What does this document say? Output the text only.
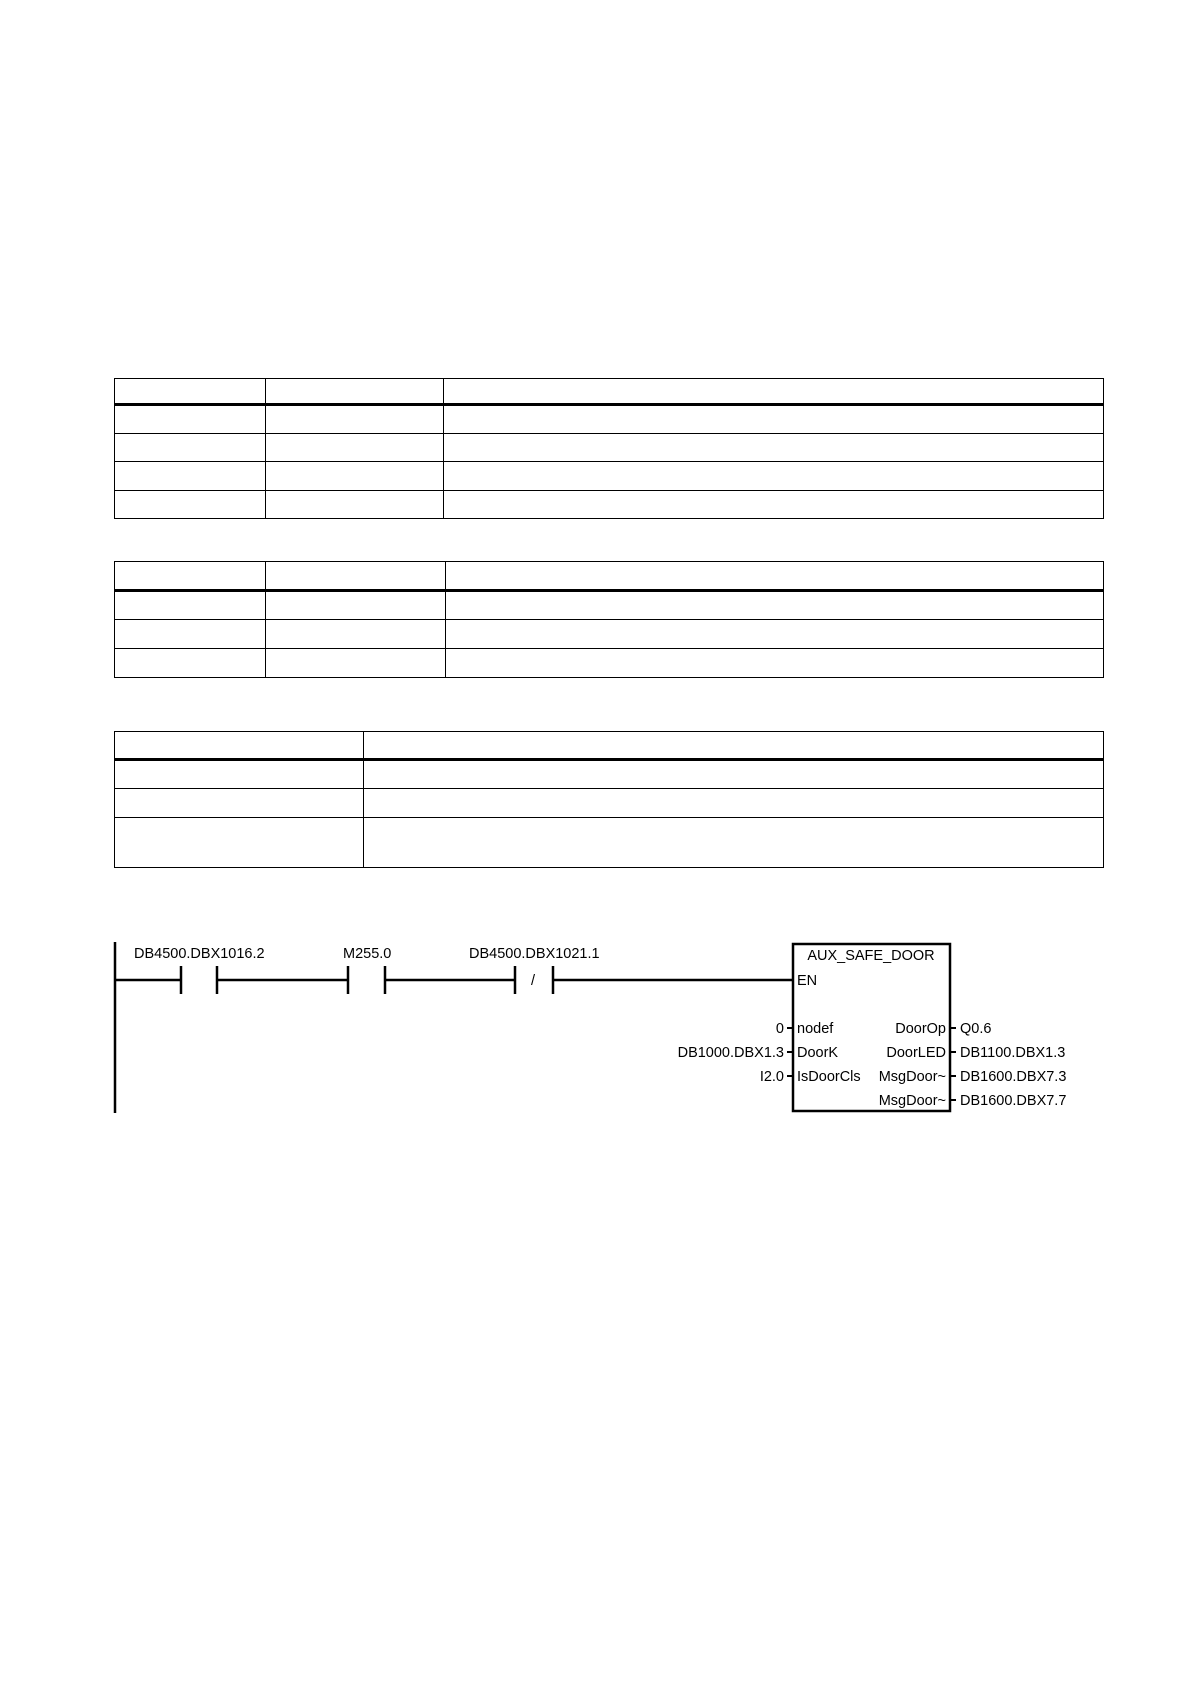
DB4500.DBX1016.2	M255.0
/
DB4500.DBX1021.1	AUX_SAFE_DOOR
EN
0 nodef
DB1000.DBX1.3 DoorK
I2.0 IsDoorCls
DoorOp Q0.6
DoorLED DB1100.DBX1.3
MsgDoor~ DB1600.DBX7.3
MsgDoor~ DB1600.DBX7.7
